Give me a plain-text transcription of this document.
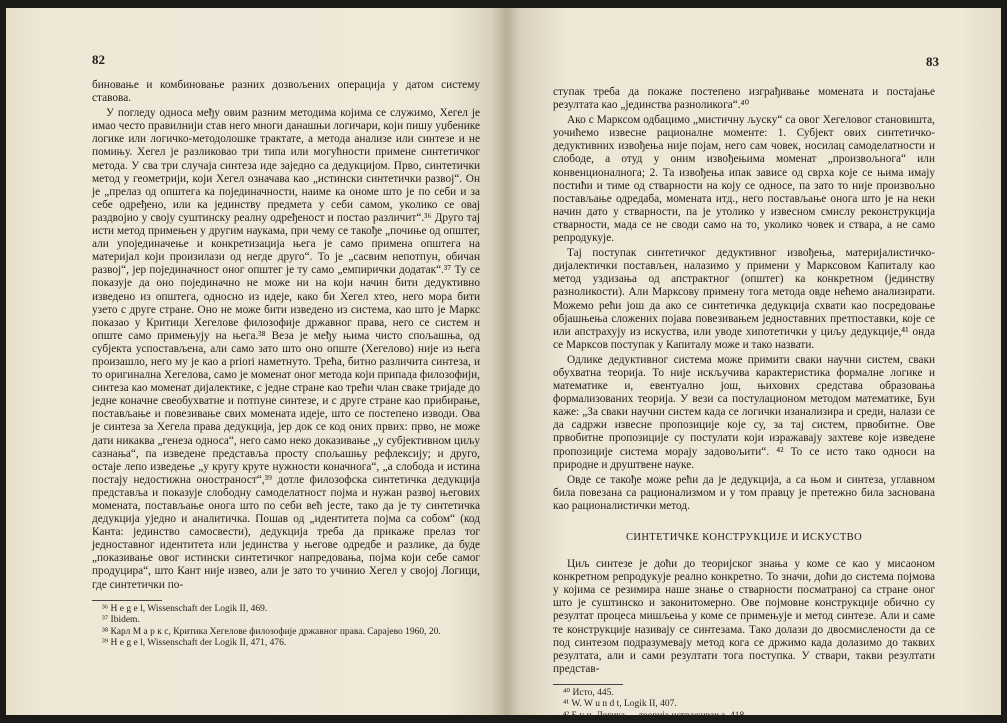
82

биновање и комбиновање разних дозвољених операција у датом систему ставова.

У погледу односа међу овим разним методима којима се служимо, Хегел је имао често правилнији став него многи данашњи логичари, који пишу уџбенике логике или логичко-методолошке трактате, а метода анализе или синтезе и не помињу. Хегел је разликовао три типа или могућности примене синтетичког метода. У сва три случаја синтеза иде заједно са дедукцијом. Прво, синтетички метод у геометрији, који Хегел означава као „истински синтетички развој“. Он је „прелаз од општега ка појединачности, наиме ка ономе што је по себи и за себе одређено, или ка јединству предмета у себи самом, уколико се овај раздвојио у своју суштинску реалну одређеност и постао различит“.³⁶ Друго тај исти метод примењен у другим наукама, при чему се такође „почиње од општег, али упојединачење и конкретизација њега је само примена општега на материјал који произилази од негде друго“. То је „сасвим непотпун, обичан развој“, јер појединачност оног општег је ту само „емпирички додатак“.³⁷ Ту се показује да оно појединачно не може ни на који начин бити дедуктивно изведено из општега, односно из идеје, како би Хегел хтео, него мора бити узето с друге стране. Оно не може бити изведено из система, као што је Маркс показао у Критици Хегелове филозофије државног права, него се систем и опште само примењују на њега.³⁸ Веза је међу њима чисто спољашња, од субјекта успостављена, али само зато што оно опште (Хегелово) није из њега произашло, него му је као а priori наметнуто. Трећа, битно различита синтеза, и то оригинална Хегелова, само је моменат оног метода који припада филозофији, синтеза као моменат дијалектике, с једне стране као трећи члан сваке тријаде до једне коначне свеобухватне и потпуне синтезе, и с друге стране као прибирање, постављање и повезивање свих момената идеје, што се постепено изводи. Ова је синтеза за Хегела права дедукција, јер док се код оних првих: прво, не може дати никаква „генеза односа“, него само неко доказивање „у субјективном циљу сазнања“, па изведене представља просту спољашњу рефлексију; и друго, остаје лепо изведење „у кругу круте нужности коначнога“, „а слобода и истина постају недостижна оностраност“,³⁹ дотле филозофска синтетичка дедукција представља и показује слободну самоделатност појма и нужан развој његових момената, постављање онога што по себи већ јесте, тако да је ту синтетичка дедукција уједно и аналитичка. Пошав од „идентитета појма са собом“ (код Канта: јединство самосвести), дедукција треба да прикаже прелаз тог једноставног идентитета или јединства у његове одредбе и разлике, да буде „показивање овог истински синтетичког напредовања, појма који себе самог продуцира“, што Кант није извео, али је зато то учинио Хегел у својој Логици, где синтетички по-

³⁶ H e g e l, Wissenschaft der Logik II, 469.
³⁷ Ibidem.
³⁸ Карл М а р к с, Критика Хегелове филозофије државног права. Сарајево 1960, 20.
³⁹ H e g e l, Wissenschaft der Logik II, 471, 476.
83

ступак треба да покаже постепено изграђивање момената и постајање резултата као „јединства разноликога“.⁴⁰

Ако с Марксом одбацимо „мистичну љуску“ са овог Хегеловог становишта, уочићемо извесне рационалне моменте: 1. Субјект ових синтетичко-дедуктивних извођења није појам, него сам човек, носилац самоделатности и слободе, а отуд у оним извођењима моменат „произвољнога“ или конвенционалнога; 2. Та извођења ипак зависе од сврха које се њима имају постићи и тиме од стварности на коју се односе, па зато то није произвољно постављање одредаба, момената итд., него постављање онога што је на неки начин дато у стварности, па је утолико у извесном смислу реконструкција стварности, мада се не своди само на то, уколико човек и ствара, а не само репродукује.

Тај поступак синтетичког дедуктивног извођења, материјалистичко-дијалектички постављен, налазимо у примени у Марксовом Капиталу као метод уздизања од апстрактног (општег) ка конкретном (јединству разноликости). Али Марксову примену тога метода овде нећемо анализирати. Можемо рећи још да ако се синтетичка дедукција схвати као посредовање објашњења сложених појава повезивањем једноставних претпоставки, које се или апстрахују из искуства, или уводе хипотетички у циљу дедукције,⁴¹ онда се Марксов поступак у Капиталу може и тако назвати.

Одлике дедуктивног система може примити сваки научни систем, сваки обухватна теорија. То није искључива карактеристика формалне логике и математике и, евентуално још, њихових средстава образовања формализованих теорија. У вези са постулационом методом математике, Буи каже: „За сваки научни систем када се логички изанализира и среди, налази се да садржи извесне пропозиције које су, за тај систем, првобитне. Ове првобитне пропозиције су постулати који изражавају захтеве које изведене пропозиције система морају задовољити“. ⁴² То се исто тако односи на природне и друштвене науке.

Овде се такође може рећи да је дедукција, а са њом и синтеза, углавном била повезана са рационализмом и у том правцу је претежно била заснована као рационалистички метод.

СИНТЕТИЧКЕ КОНСТРУКЦИЈЕ И ИСКУСТВО

Циљ синтезе је доћи до теоријског знања у коме се као у мисаоном конкретном репродукује реално конкретно. То значи, доћи до система појмова у којима се резимира наше знање о стварности посматраној са стране оног што је суштинско и законитомерно. Ове појмовне конструкције обично су резултат процеса мишљења у коме се примењује и метод синтезе. Али и саме те конструкције називају се синтезама. Тако долази до двосмислености да се под синтезом подразумевају метод кога се држимо када долазимо до таквих резултата, али и сами резултати тога поступка. У ствари, такви резултати представ-

⁴⁰ Исто, 445.
⁴¹ W. W u n d t, Logik II, 407.
⁴² Б у и, Логика — теорија истраживања, 418.
